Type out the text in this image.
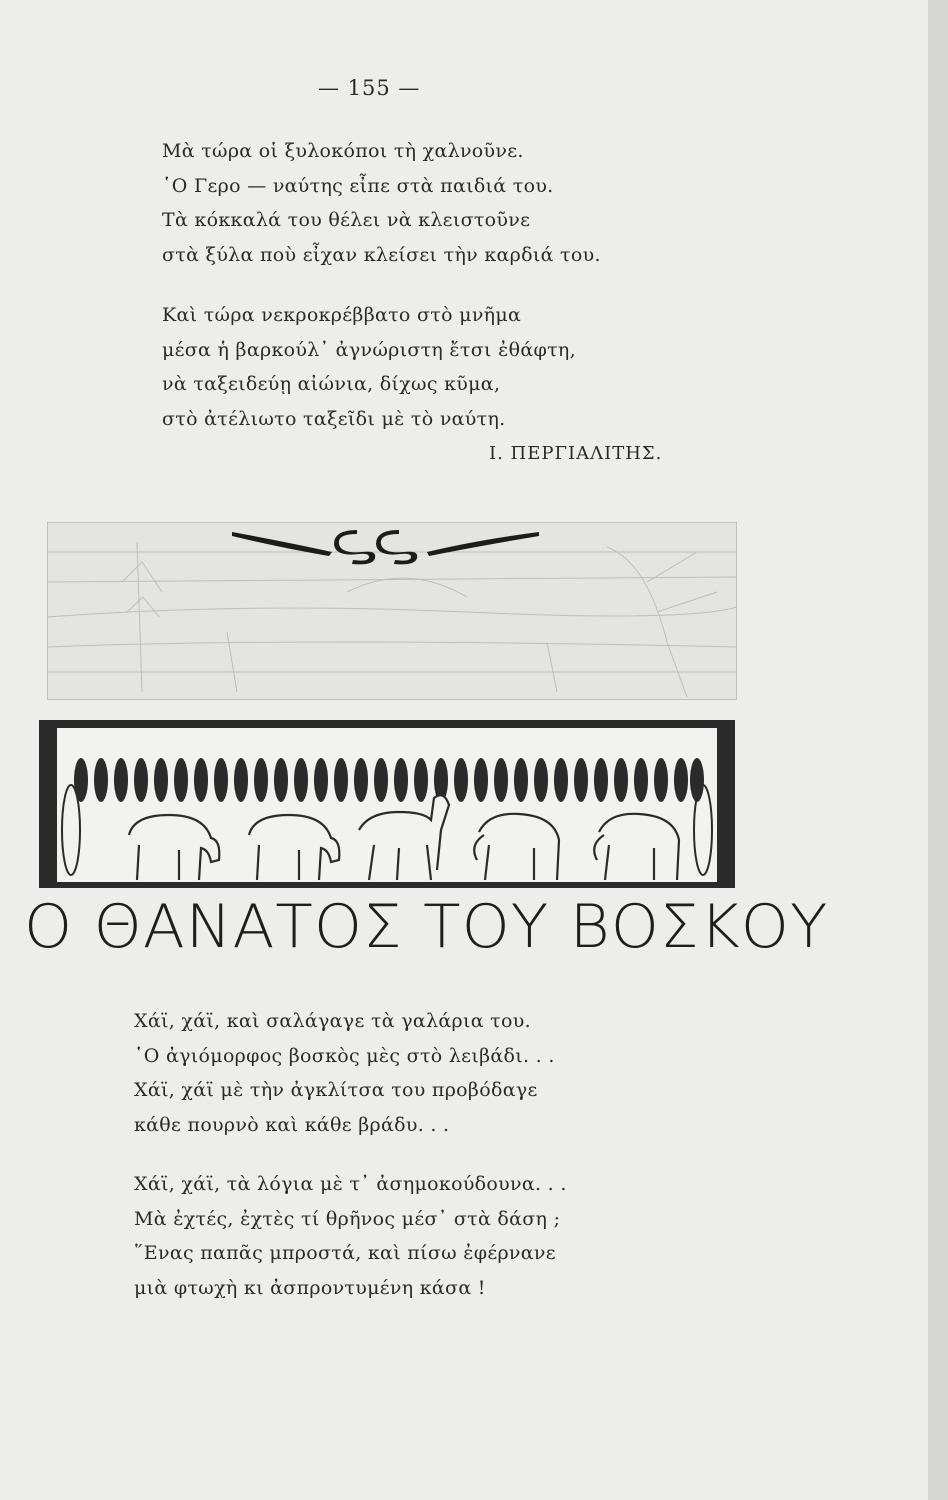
— 155 —
Μὰ τώρα οἱ ξυλοκόποι τὴ χαλνοῦνε.
῾Ο Γερο — ναύτης εἶπε στὰ παιδιά του.
Τὰ κόκκαλά του θέλει νὰ κλειστοῦνε
στὰ ξύλα ποὺ εἶχαν κλείσει τὴν καρδιά του.
Καὶ τώρα νεκροκρέββατο στὸ μνῆμα
μέσα ἡ βαρκούλ᾽ ἀγνώριστη ἔτσι ἐθάφτη,
νὰ ταξειδεύῃ αἰώνια, δίχως κῦμα,
στὸ ἀτέλιωτο ταξεῖδι μὲ τὸ ναύτη.
Ι. ΠΕΡΓΙΑΛΙΤΗΣ.
Ο ΘΑΝΑΤΟΣ ΤΟΥ ΒΟΣΚΟΥ
Χάϊ, χάϊ, καὶ σαλάγαγε τὰ γαλάρια του.
῾Ο ἀγιόμορφος βοσκὸς μὲς στὸ λειβάδι. . .
Χάϊ, χάϊ μὲ τὴν ἀγκλίτσα του προβόδαγε
κάθε πουρνὸ καὶ κάθε βράδυ. . .
Χάϊ, χάϊ, τὰ λόγια μὲ τ᾽ ἀσημοκούδουνα. . .
Μὰ ἐχτές, ἐχτὲς τί θρῆνος μέσ᾽ στὰ δάση ;
῞Ενας παπᾶς μπροστά, καὶ πίσω ἐφέρνανε
μιὰ φτωχὴ κι ἀσπροντυμένη κάσα !
